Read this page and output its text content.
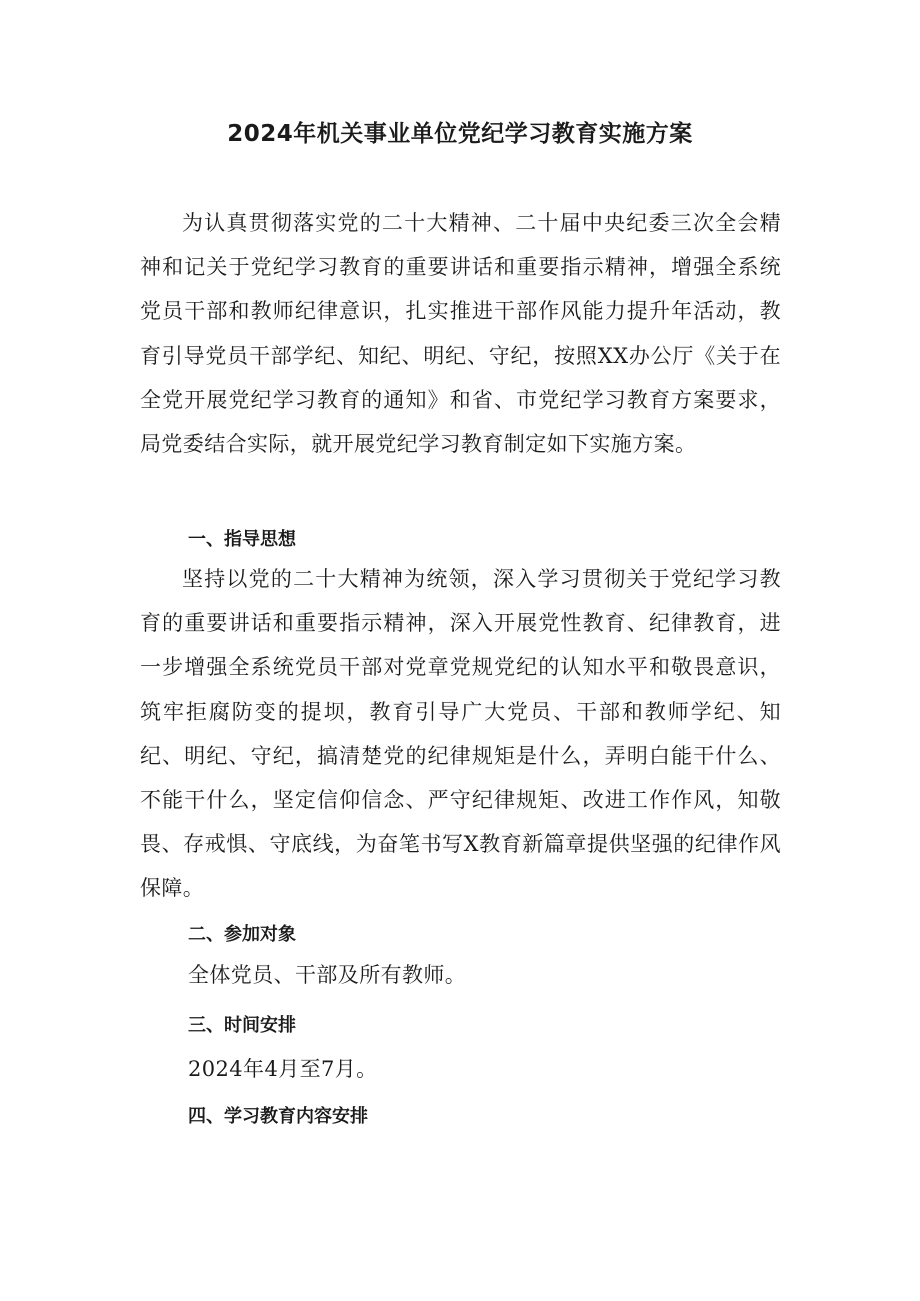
2024年机关事业单位党纪学习教育实施方案

为认真贯彻落实党的二十大精神、二十届中央纪委三次全会精神和记关于党纪学习教育的重要讲话和重要指示精神，增强全系统党员干部和教师纪律意识，扎实推进干部作风能力提升年活动，教育引导党员干部学纪、知纪、明纪、守纪，按照XX办公厅《关于在全党开展党纪学习教育的通知》和省、市党纪学习教育方案要求，局党委结合实际，就开展党纪学习教育制定如下实施方案。

一、指导思想

坚持以党的二十大精神为统领，深入学习贯彻关于党纪学习教育的重要讲话和重要指示精神，深入开展党性教育、纪律教育，进一步增强全系统党员干部对党章党规党纪的认知水平和敬畏意识，筑牢拒腐防变的提坝，教育引导广大党员、干部和教师学纪、知纪、明纪、守纪，搞清楚党的纪律规矩是什么，弄明白能干什么、不能干什么，坚定信仰信念、严守纪律规矩、改进工作作风，知敬畏、存戒惧、守底线，为奋笔书写X教育新篇章提供坚强的纪律作风保障。

二、参加对象
全体党员、干部及所有教师。
三、时间安排
2024年4月至7月。
四、学习教育内容安排
